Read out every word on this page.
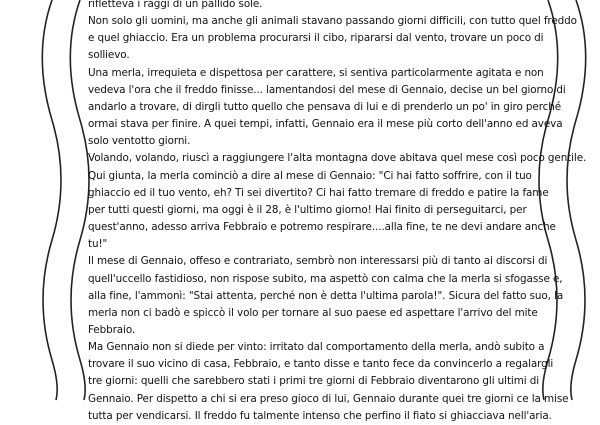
rifletteva i raggi di un pallido sole.
Non solo gli uomini, ma anche gli animali stavano passando giorni difficili, con tutto quel freddo
e quel ghiaccio. Era un problema procurarsi il cibo, ripararsi dal vento, trovare un poco di
sollievo.
Una merla, irrequieta e dispettosa per carattere, si sentiva particolarmente agitata e non
vedeva l'ora che il freddo finisse... lamentandosi del mese di Gennaio, decise un bel giorno di
andarlo a trovare, di dirgli tutto quello che pensava di lui e di prenderlo un po' in giro perché
ormai stava per finire. A quei tempi, infatti, Gennaio era il mese più corto dell'anno ed aveva
solo ventotto giorni.
Volando, volando, riuscì a raggiungere l'alta montagna dove abitava quel mese così poco gentile.
Qui giunta, la merla cominciò a dire al mese di Gennaio: "Ci hai fatto soffrire, con il tuo
ghiaccio ed il tuo vento, eh? Ti sei divertito? Ci hai fatto tremare di freddo e patire la fame
per tutti questi giorni, ma oggi è il 28, è l'ultimo giorno! Hai finito di perseguitarci, per
quest'anno, adesso arriva Febbraio e potremo respirare....alla fine, te ne devi andare anche
tu!"
Il mese di Gennaio, offeso e contrariato, sembrò non interessarsi più di tanto ai discorsi di
quell'uccello fastidioso, non rispose subito, ma aspettò con calma che la merla si sfogasse e,
alla fine, l'ammonì: "Stai attenta, perché non è detta l'ultima parola!". Sicura del fatto suo, la
merla non ci badò e spiccò il volo per tornare al suo paese ed aspettare l'arrivo del mite
Febbraio.
Ma Gennaio non si diede per vinto: irritato dal comportamento della merla, andò subito a
trovare il suo vicino di casa, Febbraio, e tanto disse e tanto fece da convincerlo a regalargli
tre giorni: quelli che sarebbero stati i primi tre giorni di Febbraio diventarono gli ultimi di
Gennaio. Per dispetto a chi si era preso gioco di lui, Gennaio durante quei tre giorni ce la mise
tutta per vendicarsi. Il freddo fu talmente intenso che perfino il fiato si ghiacciava nell'aria.
